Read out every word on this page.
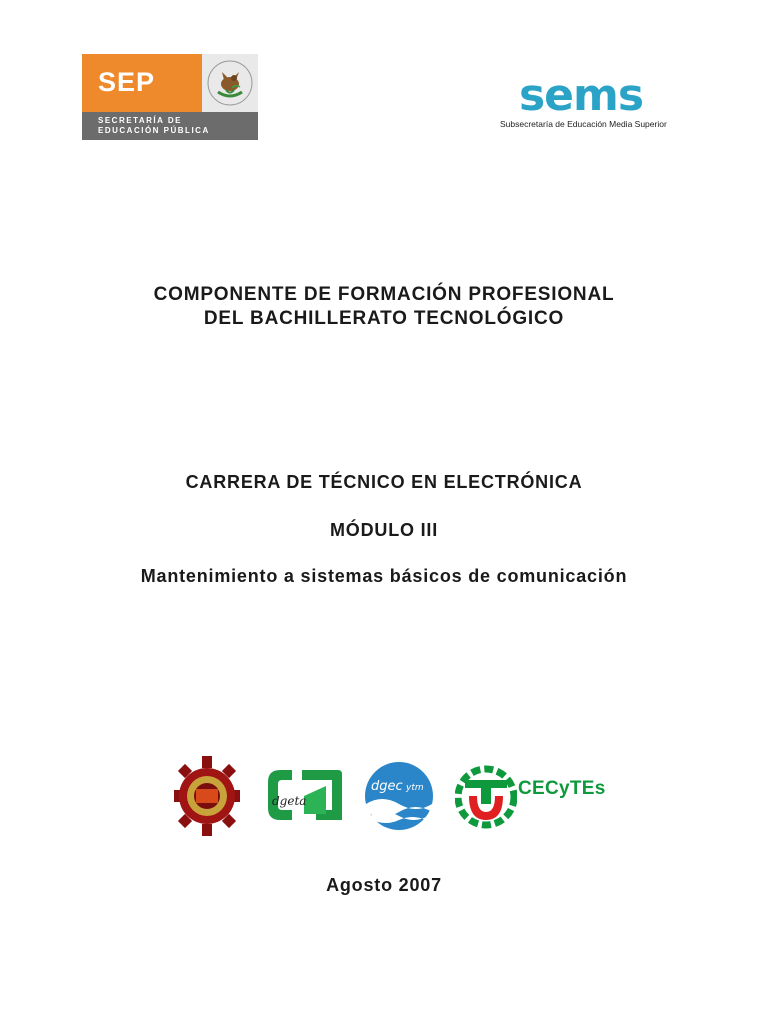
SEP
SECRETARÍA DE
EDUCACIÓN PÚBLICA
sems
Subsecretaría de Educación Media Superior
COMPONENTE DE FORMACIÓN PROFESIONAL
DEL BACHILLERATO TECNOLÓGICO
CARRERA DE TÉCNICO EN ELECTRÓNICA
MÓDULO III
Mantenimiento a sistemas básicos de comunicación
dgeta
dgec ytm	CECyTEs
Agosto 2007
